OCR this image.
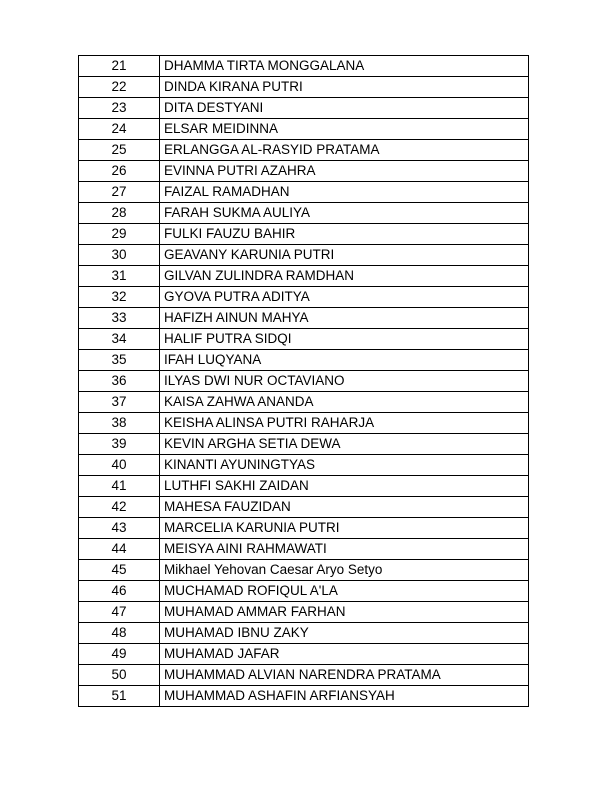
21	DHAMMA TIRTA MONGGALANA
22	DINDA KIRANA PUTRI
23	DITA DESTYANI
24	ELSAR MEIDINNA
25	ERLANGGA AL-RASYID PRATAMA
26	EVINNA PUTRI AZAHRA
27	FAIZAL RAMADHAN
28	FARAH SUKMA AULIYA
29	FULKI FAUZU BAHIR
30	GEAVANY KARUNIA PUTRI
31	GILVAN ZULINDRA RAMDHAN
32	GYOVA PUTRA ADITYA
33	HAFIZH AINUN MAHYA
34	HALIF PUTRA SIDQI
35	IFAH LUQYANA
36	ILYAS DWI NUR OCTAVIANO
37	KAISA ZAHWA ANANDA
38	KEISHA ALINSA PUTRI RAHARJA
39	KEVIN ARGHA SETIA DEWA
40	KINANTI AYUNINGTYAS
41	LUTHFI SAKHI ZAIDAN
42	MAHESA FAUZIDAN
43	MARCELIA KARUNIA PUTRI
44	MEISYA AINI RAHMAWATI
45	Mikhael Yehovan Caesar Aryo Setyo
46	MUCHAMAD ROFIQUL A'LA
47	MUHAMAD AMMAR FARHAN
48	MUHAMAD IBNU ZAKY
49	MUHAMAD JAFAR
50	MUHAMMAD ALVIAN NARENDRA PRATAMA
51	MUHAMMAD ASHAFIN ARFIANSYAH
